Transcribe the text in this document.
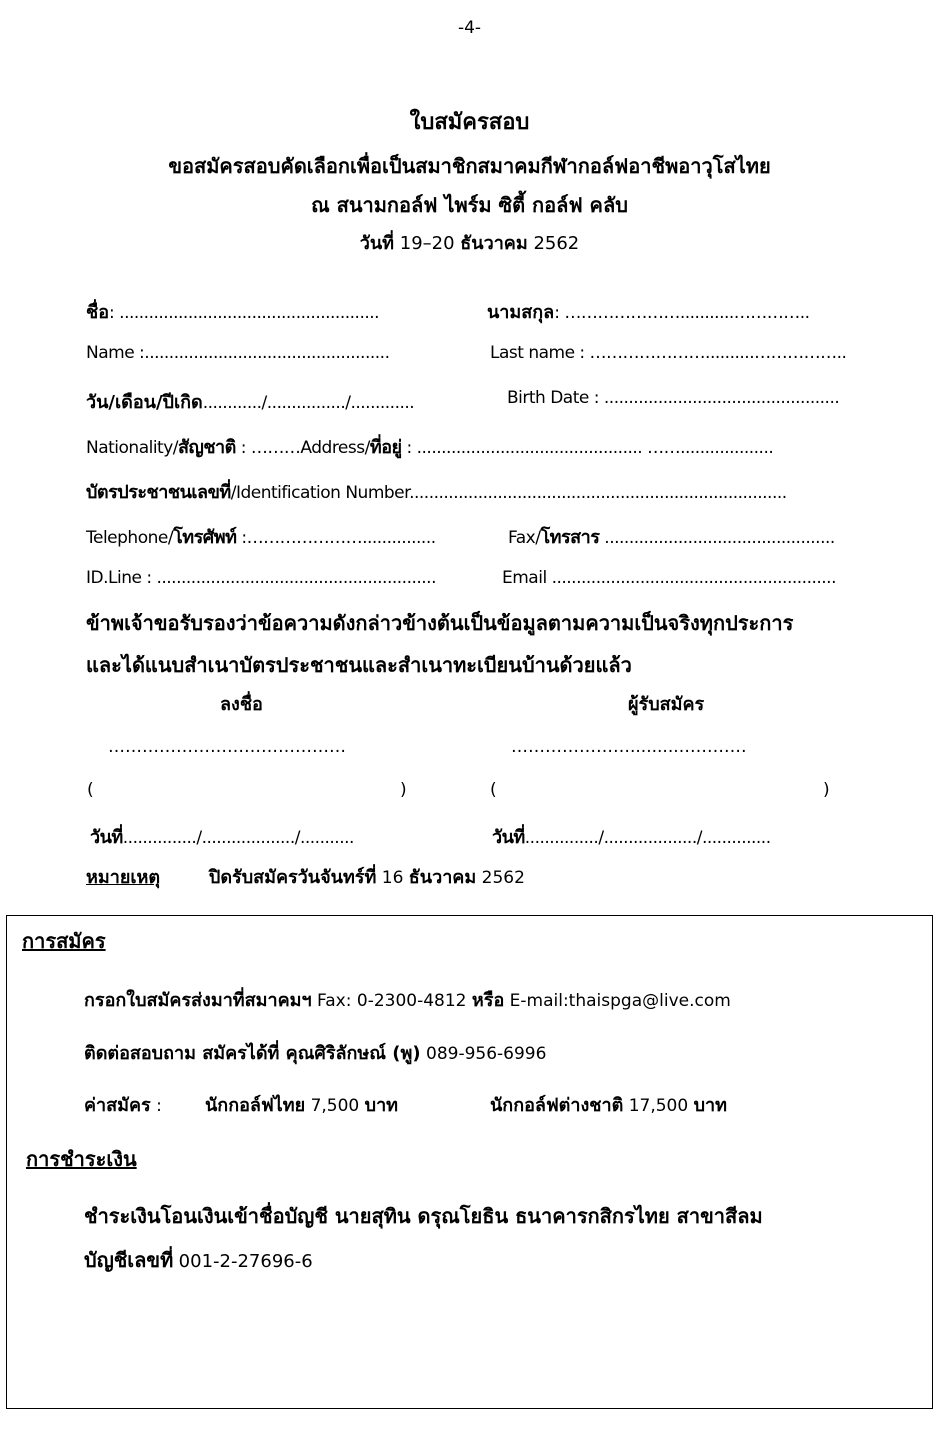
-4-
ใบสมัครสอบ
ขอสมัครสอบคัดเลือกเพื่อเป็นสมาชิกสมาคมกีฬากอล์ฟอาชีพอาวุโสไทย
ณ สนามกอล์ฟ ไพร์ม ซิตี้ กอล์ฟ คลับ
วันที่ 19–20 ธันวาคม 2562
ชื่อ: .....................................................	นามสกุล: …………………...........…………..
Name :..................................................	Last name : …………………..........……………..
วัน/เดือน/ปีเกิด............/................/.............	Birth Date : ................................................
Nationality/สัญชาติ : ………Address/ที่อยู่ : .............................................. ……...................
บัตรประชาชนเลขที่/Identification Number.............................................................................
Telephone/โทรศัพท์ :…………………...............	Fax/โทรสาร ...............................................
ID.Line : .........................................................	Email ..........................................................
ข้าพเจ้าขอรับรองว่าข้อความดังกล่าวข้างต้นเป็นข้อมูลตามความเป็นจริงทุกประการ
และได้แนบสำเนาบัตรประชาชนและสำเนาทะเบียนบ้านด้วยแล้ว
ลงชื่อ	ผู้รับสมัคร
……………………………………	………………….........…………
(	)	(	)
วันที่.............../.................../...........	วันที่.............../.................../..............
หมายเหตุ	ปิดรับสมัครวันจันทร์ที่ 16 ธันวาคม 2562
การสมัคร
กรอกใบสมัครส่งมาที่สมาคมฯ Fax: 0-2300-4812 หรือ E-mail:thaispga@live.com
ติดต่อสอบถาม สมัครได้ที่ คุณศิริลักษณ์ (พู) 089-956-6996
ค่าสมัคร : นักกอล์ฟไทย 7,500 บาท	นักกอล์ฟต่างชาติ 17,500 บาท
การชำระเงิน
ชำระเงินโอนเงินเข้าชื่อบัญชี นายสุทิน ดรุณโยธิน ธนาคารกสิกรไทย สาขาสีลม
บัญชีเลขที่ 001-2-27696-6
